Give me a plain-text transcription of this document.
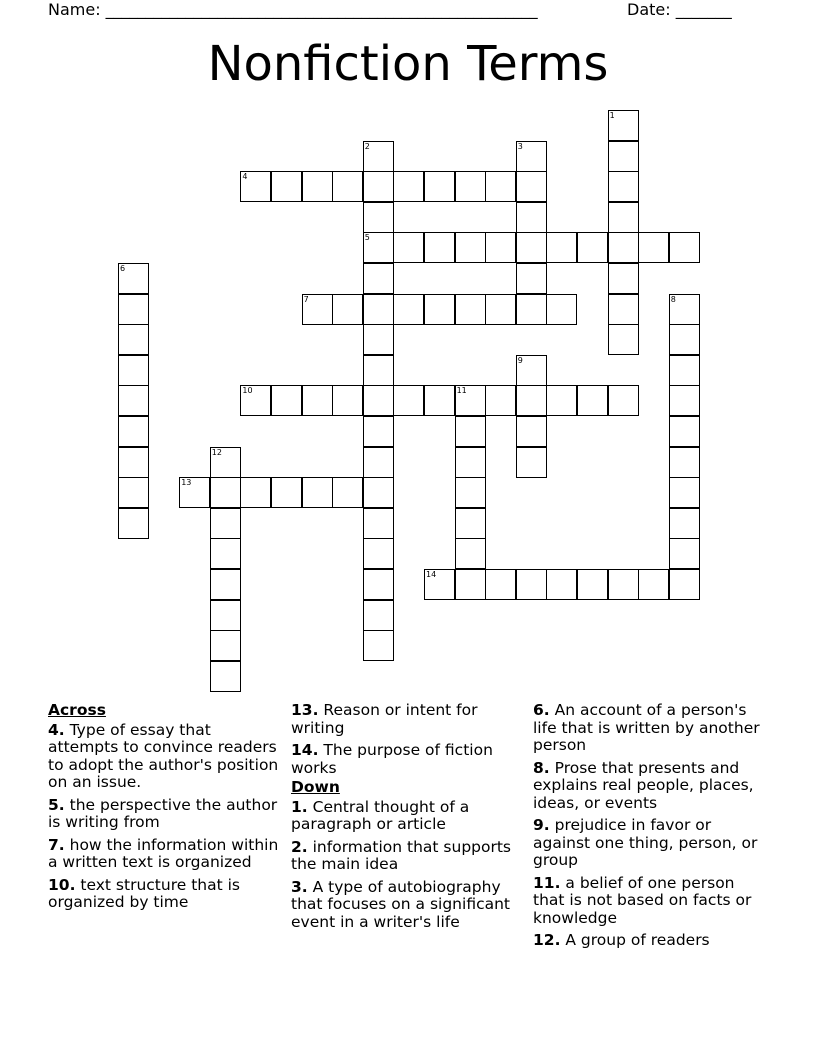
Name: ______________________________________________________	Date: _______
Nonfiction Terms
1
2
5
3
4
6
7	8
9
10	11
12
13
14
Across
4. Type of essay that attempts to convince readers to adopt the author's position on an issue.
5. the perspective the author is writing from
7. how the information within a written text is organized
10. text structure that is organized by time
13. Reason or intent for writing
14. The purpose of fiction works
Down
1. Central thought of a paragraph or article
2. information that supports the main idea
3. A type of autobiography that focuses on a significant event in a writer's life
6. An account of a person's life that is written by another person
8. Prose that presents and explains real people, places, ideas, or events
9. prejudice in favor or against one thing, person, or group
11. a belief of one person that is not based on facts or knowledge
12. A group of readers
